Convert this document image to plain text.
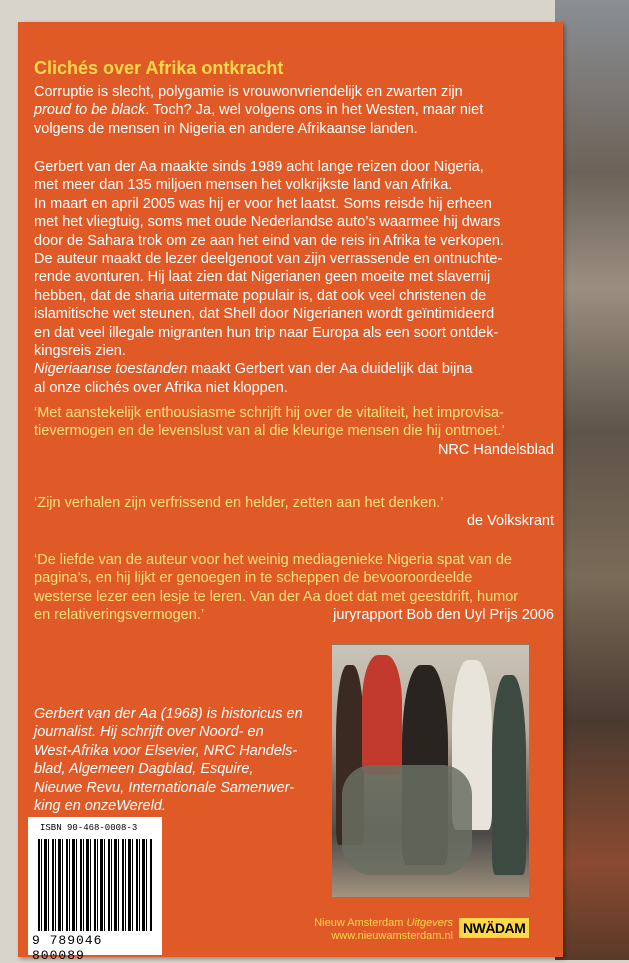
Clichés over Afrika ontkracht
Corruptie is slecht, polygamie is vrouwonvriendelijk en zwarten zijn
proud to be black. Toch? Ja, wel volgens ons in het Westen, maar niet
volgens de mensen in Nigeria en andere Afrikaanse landen.
Gerbert van der Aa maakte sinds 1989 acht lange reizen door Nigeria,
met meer dan 135 miljoen mensen het volkrijkste land van Afrika.
In maart en april 2005 was hij er voor het laatst. Soms reisde hij erheen
met het vliegtuig, soms met oude Nederlandse auto’s waarmee hij dwars
door de Sahara trok om ze aan het eind van de reis in Afrika te verkopen.
De auteur maakt de lezer deelgenoot van zijn verrassende en ontnuchte-
rende avonturen. Hij laat zien dat Nigerianen geen moeite met slavernij
hebben, dat de sharia uitermate populair is, dat ook veel christenen de
islamitische wet steunen, dat Shell door Nigerianen wordt geïntimideerd
en dat veel illegale migranten hun trip naar Europa als een soort ontdek-
kingsreis zien.
Nigeriaanse toestanden maakt Gerbert van der Aa duidelijk dat bijna
al onze clichés over Afrika niet kloppen.
‘Met aanstekelijk enthousiasme schrijft hij over de vitaliteit, het improvisa-
tievermogen en de levenslust van al die kleurige mensen die hij ontmoet.’
NRC Handelsblad
‘Zijn verhalen zijn verfrissend en helder, zetten aan het denken.’
de Volkskrant
‘De liefde van de auteur voor het weinig mediagenieke Nigeria spat van de
pagina’s, en hij lijkt er genoegen in te scheppen de bevooroordeelde
westerse lezer een lesje te leren. Van der Aa doet dat met geestdrift, humor
en relativeringsvermogen.’	juryrapport Bob den Uyl Prijs 2006
Gerbert van der Aa (1968) is historicus en
journalist. Hij schrijft over Noord- en
West-Afrika voor Elsevier, NRC Handels-
blad, Algemeen Dagblad, Esquire,
Nieuwe Revu, Internationale Samenwer-
king en onzeWereld.
ISBN 90-468-0008-3
9 789046 800089
Nieuw Amsterdam Uitgevers
www.nieuwamsterdam.nl NWÄDAM
